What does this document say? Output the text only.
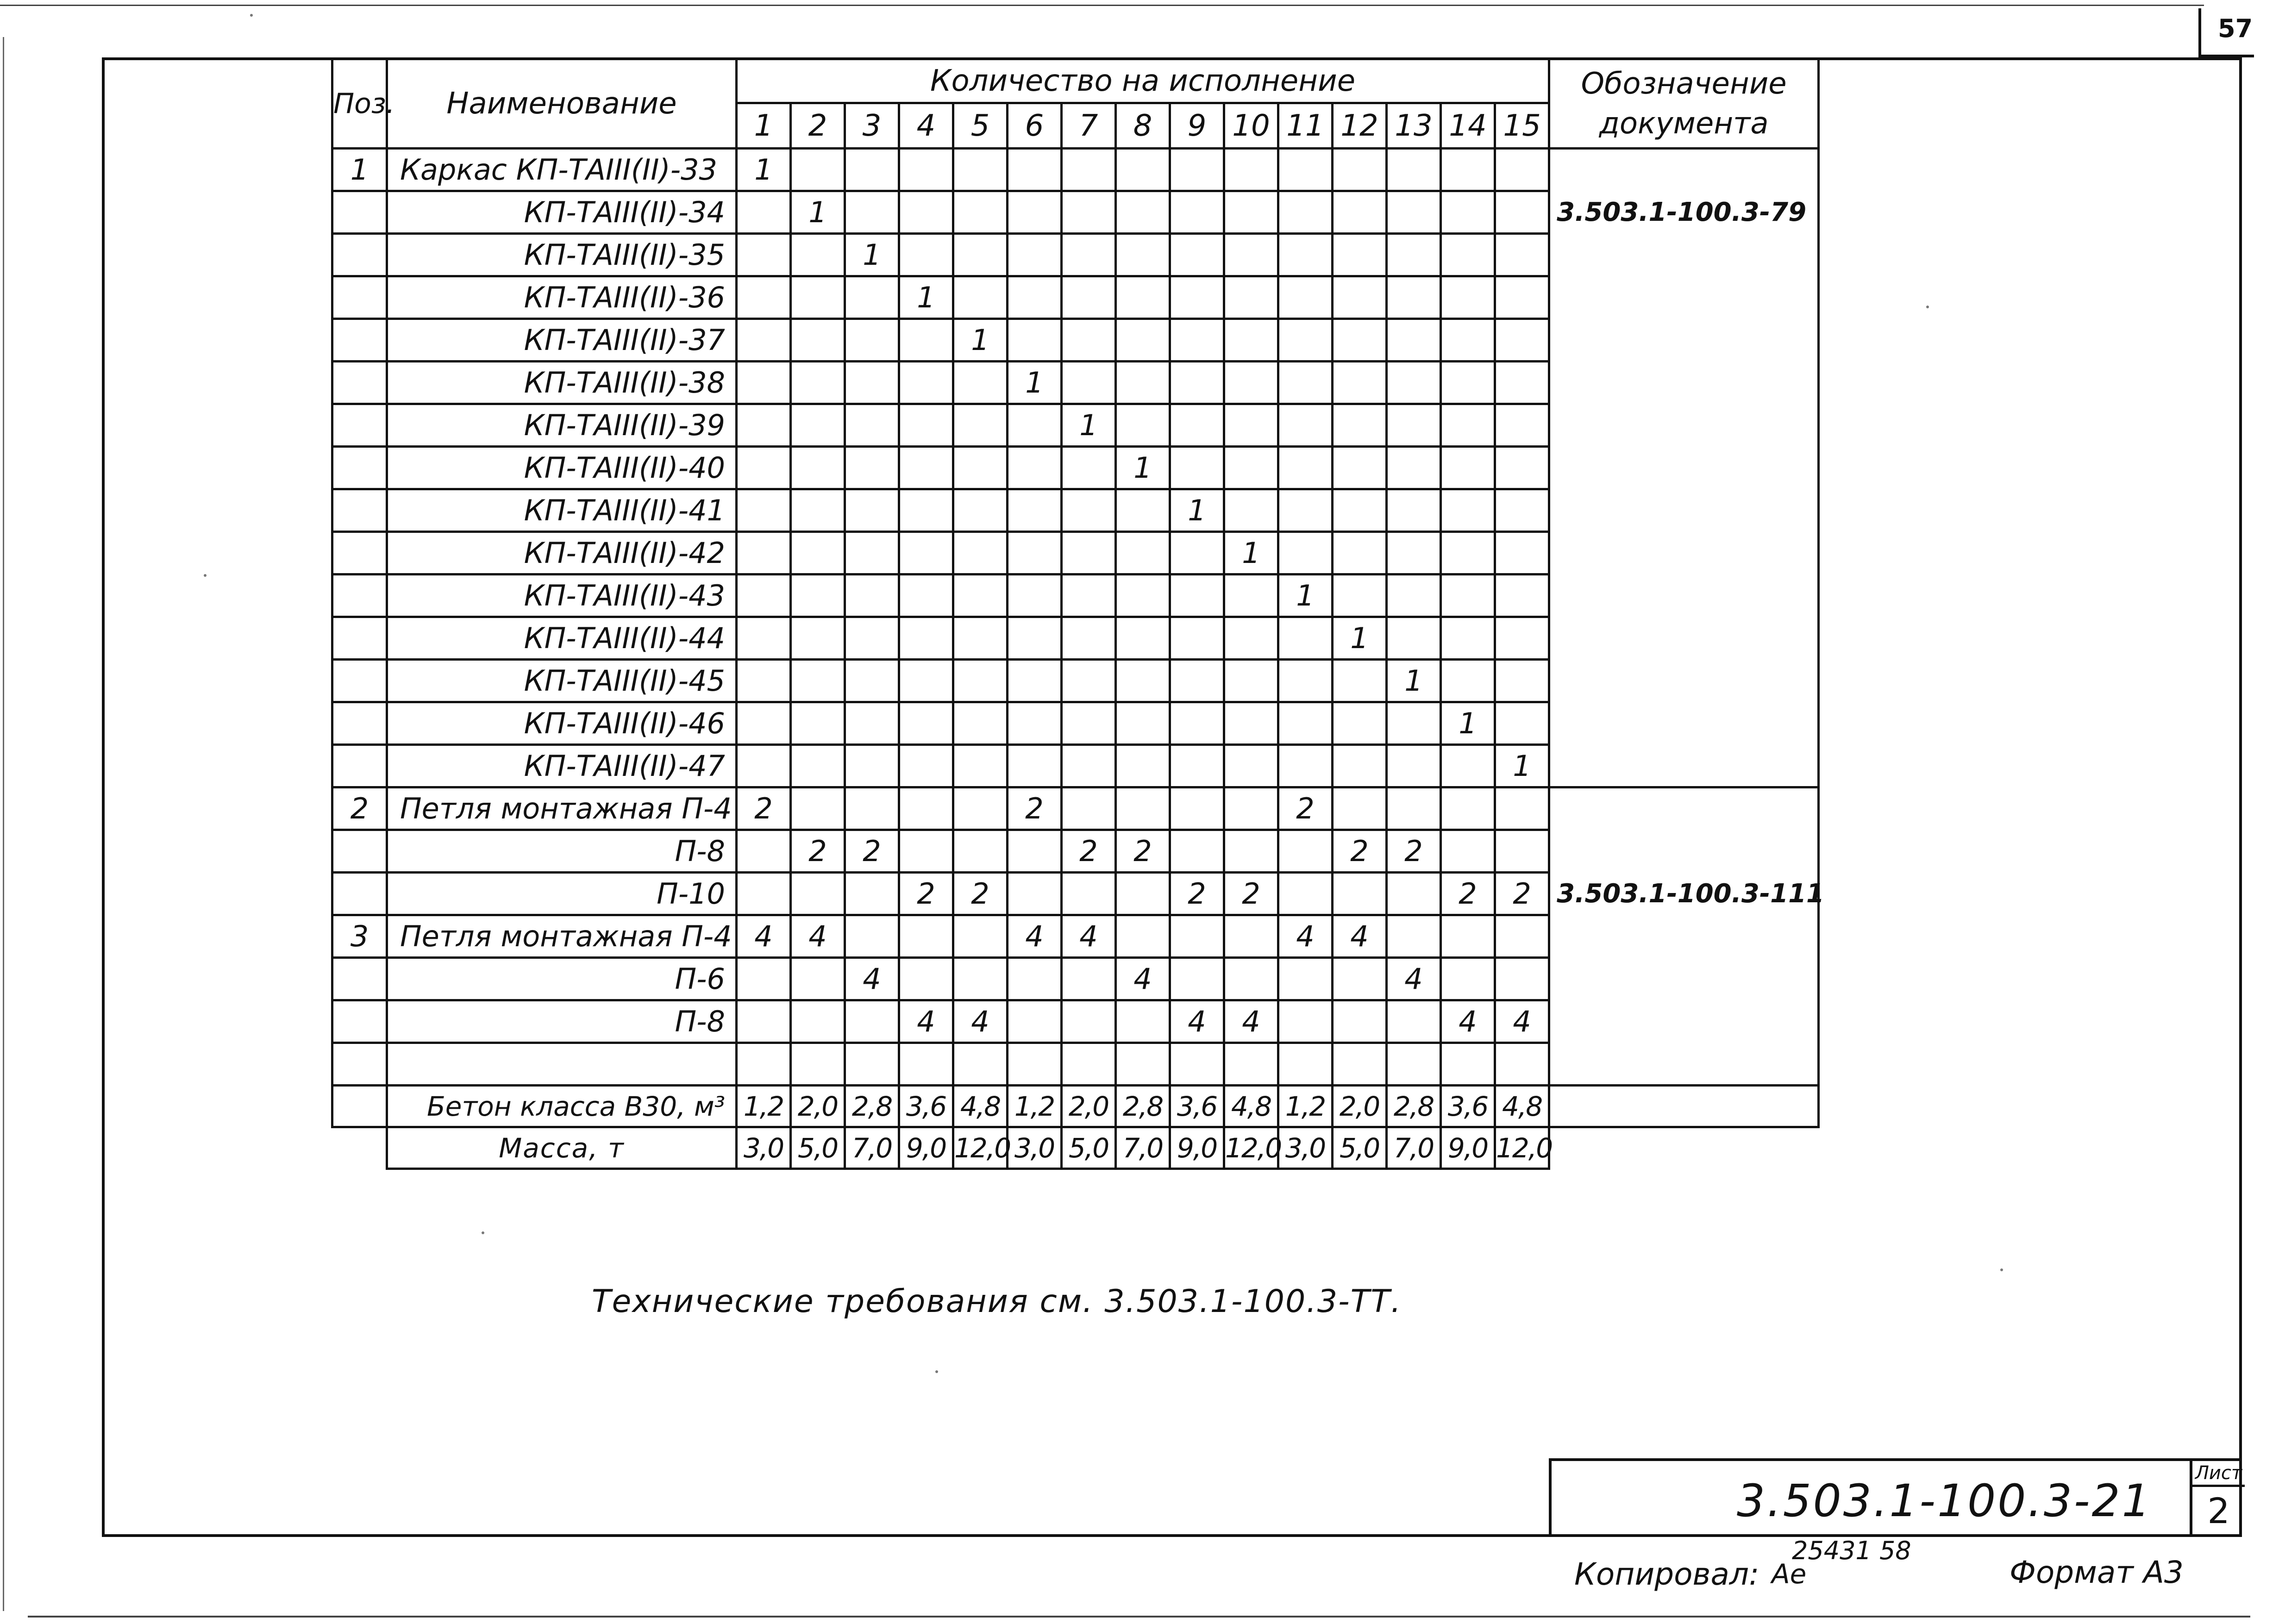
57
Поз.	Наименование	Количество на исполнение															Обозначение документа
		1	2	3	4	5	6	7	8	9	10	11	12	13	14	15	
1	Каркас КП-ТАIII(II)-33	1															
	КП-ТАIII(II)-34		1														3.503.1-100.3-79
	КП-ТАIII(II)-35			1													
	КП-ТАIII(II)-36				1												
	КП-ТАIII(II)-37					1											
	КП-ТАIII(II)-38						1										
	КП-ТАIII(II)-39							1									
	КП-ТАIII(II)-40								1								
	КП-ТАIII(II)-41									1							
	КП-ТАIII(II)-42										1						
	КП-ТАIII(II)-43											1					
	КП-ТАIII(II)-44												1				
	КП-ТАIII(II)-45													1			
	КП-ТАIII(II)-46														1		
	КП-ТАIII(II)-47															1	
2	Петля монтажная П-4	2					2					2					
	П-8		2	2				2	2				2	2			
	П-10				2	2				2	2				2	2	3.503.1-100.3-111
3	Петля монтажная П-4	4	4				4	4				4	4				
	П-6			4					4					4			
	П-8				4	4				4	4				4	4	

	Бетон класса В30, м³	1,2	2,0	2,8	3,6	4,8	1,2	2,0	2,8	3,6	4,8	1,2	2,0	2,8	3,6	4,8	
	Масса, т	3,0	5,0	7,0	9,0	12,0	3,0	5,0	7,0	9,0	12,0	3,0	5,0	7,0	9,0	12,0	
Технические требования см. 3.503.1-100.3-ТТ.
3.503.1-100.3-21
Лист
2
Копировал: Ае
25431 58
Формат А3
